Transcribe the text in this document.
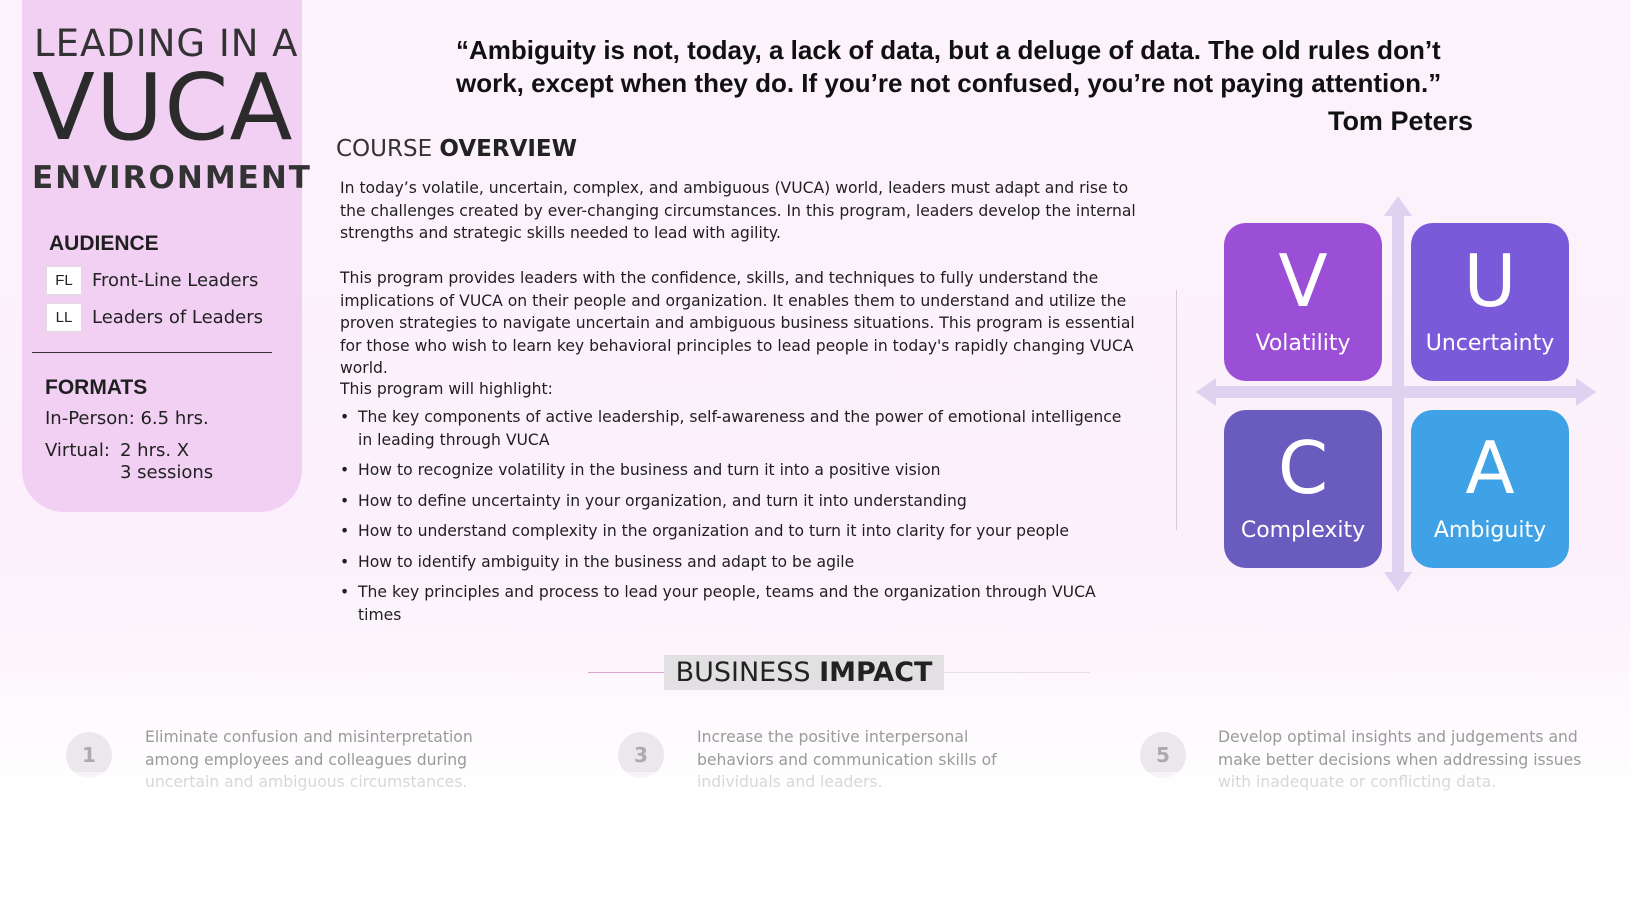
LEADING IN A
VUCA
ENVIRONMENT
AUDIENCE
FL	Front-Line Leaders
LL	Leaders of Leaders
FORMATS
In-Person: 6.5 hrs.
Virtual: 2 hrs. X
3 sessions
“Ambiguity is not, today, a lack of data, but a deluge of data. The old rules don’t work, except when they do. If you’re not confused, you’re not paying attention.”
Tom Peters
COURSE OVERVIEW
In today’s volatile, uncertain, complex, and ambiguous (VUCA) world, leaders must adapt and rise to the challenges created by ever-changing circumstances. In this program, leaders develop the internal strengths and strategic skills needed to lead with agility.
This program provides leaders with the confidence, skills, and techniques to fully understand the implications of VUCA on their people and organization. It enables them to understand and utilize the proven strategies to navigate uncertain and ambiguous business situations. This program is essential for those who wish to learn key behavioral principles to lead people in today's rapidly changing VUCA world.
This program will highlight:
• The key components of active leadership, self-awareness and the power of emotional intelligence in leading through VUCA
• How to recognize volatility in the business and turn it into a positive vision
• How to define uncertainty in your organization, and turn it into understanding
• How to understand complexity in the organization and to turn it into clarity for your people
• How to identify ambiguity in the business and adapt to be agile
• The key principles and process to lead your people, teams and the organization through VUCA times
V
Volatility
U
Uncertainty
C
Complexity
A
Ambiguity
BUSINESS IMPACT
1
Eliminate confusion and misinterpretation
among employees and colleagues during	3
Increase the positive interpersonal
behaviors and communication skills of	5
Develop optimal insights and judgements and
make better decisions when addressing issues
